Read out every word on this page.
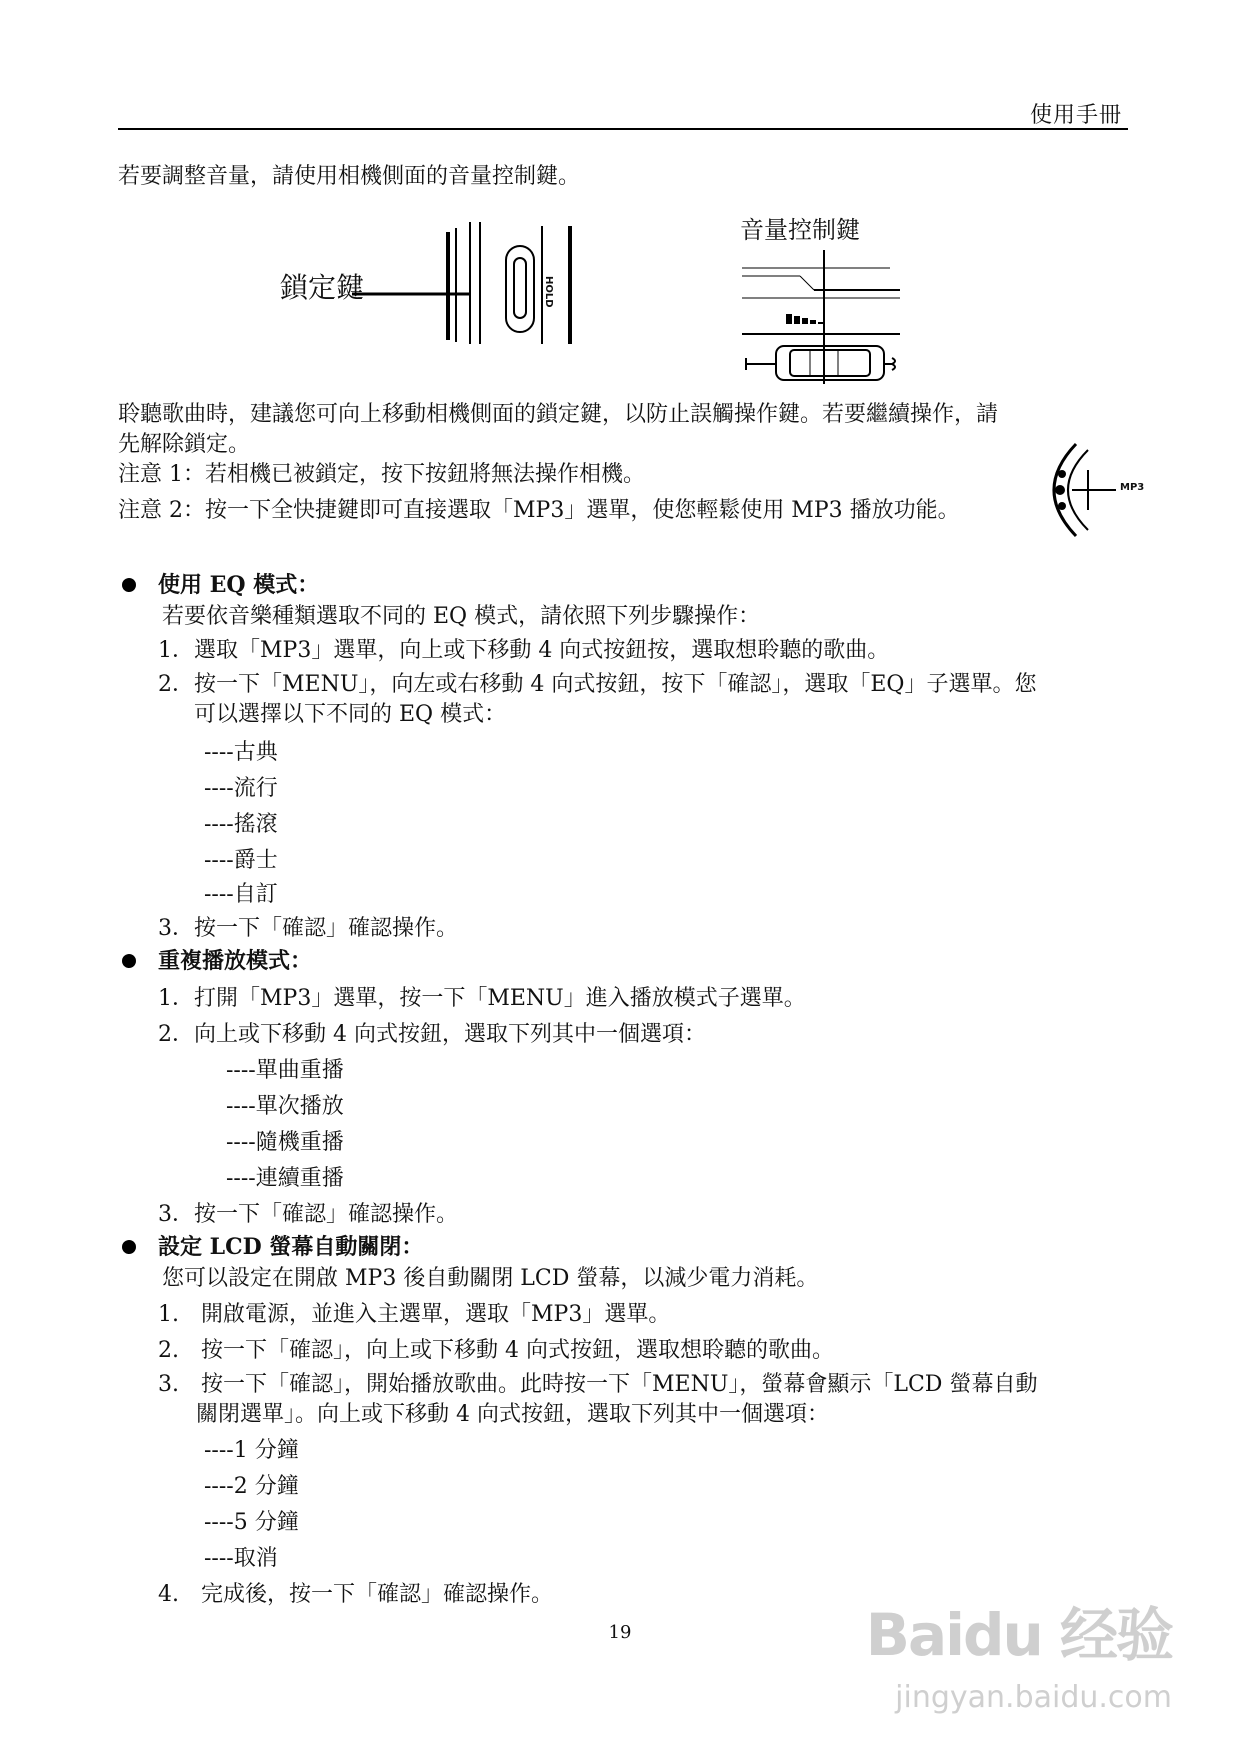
使用手冊
若要調整音量，請使用相機側面的音量控制鍵。
鎖定鍵	HOLD
音量控制鍵
聆聽歌曲時，建議您可向上移動相機側面的鎖定鍵，以防止誤觸操作鍵。若要繼續操作，請
先解除鎖定。
注意 1：若相機已被鎖定，按下按鈕將無法操作相機。
注意 2：按一下全快捷鍵即可直接選取「MP3」選單，使您輕鬆使用 MP3 播放功能。
MP3
使用 EQ 模式：
若要依音樂種類選取不同的 EQ 模式，請依照下列步驟操作：
1．選取「MP3」選單，向上或下移動 4 向式按鈕按，選取想聆聽的歌曲。
2．按一下「MENU」，向左或右移動 4 向式按鈕，按下「確認」，選取「EQ」子選單。您
可以選擇以下不同的 EQ 模式：
----古典
----流行
----搖滾
----爵士
----自訂
3．按一下「確認」確認操作。
重複播放模式：
1．打開「MP3」選單，按一下「MENU」進入播放模式子選單。
2．向上或下移動 4 向式按鈕，選取下列其中一個選項：
----單曲重播
----單次播放
----隨機重播
----連續重播
3．按一下「確認」確認操作。
設定 LCD 螢幕自動關閉：
您可以設定在開啟 MP3 後自動關閉 LCD 螢幕，以減少電力消耗。
1.　開啟電源，並進入主選單，選取「MP3」選單。
2.　按一下「確認」，向上或下移動 4 向式按鈕，選取想聆聽的歌曲。
3.　按一下「確認」，開始播放歌曲。此時按一下「MENU」，螢幕會顯示「LCD 螢幕自動
關閉選單」。向上或下移動 4 向式按鈕，選取下列其中一個選項：
----1 分鐘
----2 分鐘
----5 分鐘
----取消
4.　完成後，按一下「確認」確認操作。
19	Baidu 经验
jingyan.baidu.com
